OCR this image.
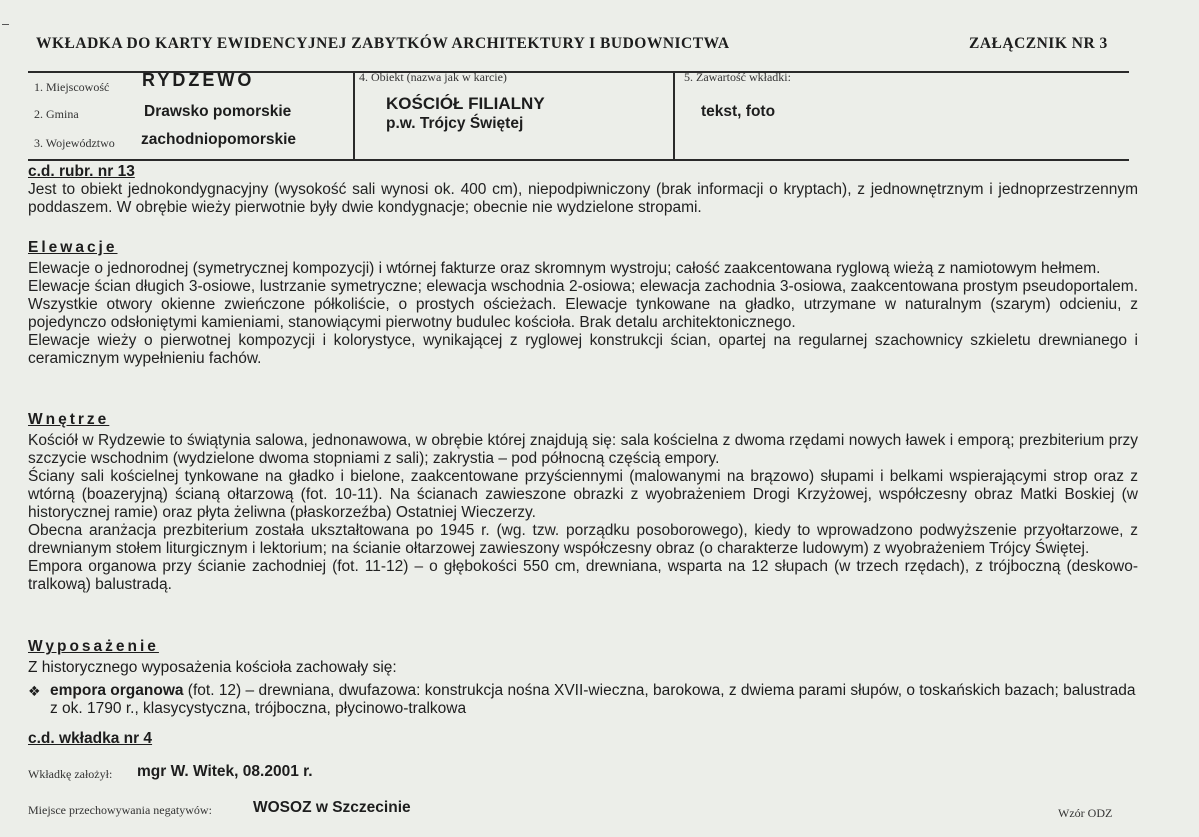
WKŁADKA DO KARTY EWIDENCYJNEJ ZABYTKÓW ARCHITEKTURY I BUDOWNICTWA	ZAŁĄCZNIK NR 3
1. Miejscowość RYDZEWO
2. Gmina	Drawsko pomorskie
3. Województwo zachodniopomorskie
4. Obiekt (nazwa jak w karcie)
KOŚCIÓŁ FILIALNY
p.w. Trójcy Świętej
5. Zawartość wkładki:
tekst, foto
c.d. rubr. nr 13

Jest to obiekt jednokondygnacyjny (wysokość sali wynosi ok. 400 cm), niepodpiwniczony (brak informacji o kryptach), z jednownętrznym i jednoprzestrzennym poddaszem. W obrębie wieży pierwotnie były dwie kondygnacje; obecnie nie wydzielone stropami.

Elewacje

Elewacje o jednorodnej (symetrycznej kompozycji) i wtórnej fakturze oraz skromnym wystroju; całość zaakcentowana ryglową wieżą z namiotowym hełmem.

Elewacje ścian długich 3-osiowe, lustrzanie symetryczne; elewacja wschodnia 2-osiowa; elewacja zachodnia 3-osiowa, zaakcentowana prostym pseudoportalem. Wszystkie otwory okienne zwieńczone półkoliście, o prostych ościeżach. Elewacje tynkowane na gładko, utrzymane w naturalnym (szarym) odcieniu, z pojedynczo odsłoniętymi kamieniami, stanowiącymi pierwotny budulec kościoła. Brak detalu architektonicznego.

Elewacje wieży o pierwotnej kompozycji i kolorystyce, wynikającej z ryglowej konstrukcji ścian, opartej na regularnej szachownicy szkieletu drewnianego i ceramicznym wypełnieniu fachów.

Wnętrze

Kościół w Rydzewie to świątynia salowa, jednonawowa, w obrębie której znajdują się: sala kościelna z dwoma rzędami nowych ławek i emporą; prezbiterium przy szczycie wschodnim (wydzielone dwoma stopniami z sali); zakrystia – pod północną częścią empory.

Ściany sali kościelnej tynkowane na gładko i bielone, zaakcentowane przyściennymi (malowanymi na brązowo) słupami i belkami wspierającymi strop oraz z wtórną (boazeryjną) ścianą ołtarzową (fot. 10-11). Na ścianach zawieszone obrazki z wyobrażeniem Drogi Krzyżowej, współczesny obraz Matki Boskiej (w historycznej ramie) oraz płyta żeliwna (płaskorzeźba) Ostatniej Wieczerzy.

Obecna aranżacja prezbiterium została ukształtowana po 1945 r. (wg. tzw. porządku posoborowego), kiedy to wprowadzono podwyższenie przyołtarzowe, z drewnianym stołem liturgicznym i lektorium; na ścianie ołtarzowej zawieszony współczesny obraz (o charakterze ludowym) z wyobrażeniem Trójcy Świętej.

Empora organowa przy ścianie zachodniej (fot. 11-12) – o głębokości 550 cm, drewniana, wsparta na 12 słupach (w trzech rzędach), z trójboczną (deskowo-tralkową) balustradą.

Wyposażenie
Z historycznego wyposażenia kościoła zachowały się:
❖ empora organowa (fot. 12) – drewniana, dwufazowa: konstrukcja nośna XVII-wieczna, barokowa, z dwiema parami słupów, o toskańskich bazach; balustrada z ok. 1790 r., klasycystyczna, trójboczna, płycinowo-tralkowa
c.d. wkładka nr 4
Wkładkę założył: mgr W. Witek, 08.2001 r.
Miejsce przechowywania negatywów:	WOSOZ w Szczecinie	Wzór ODZ
